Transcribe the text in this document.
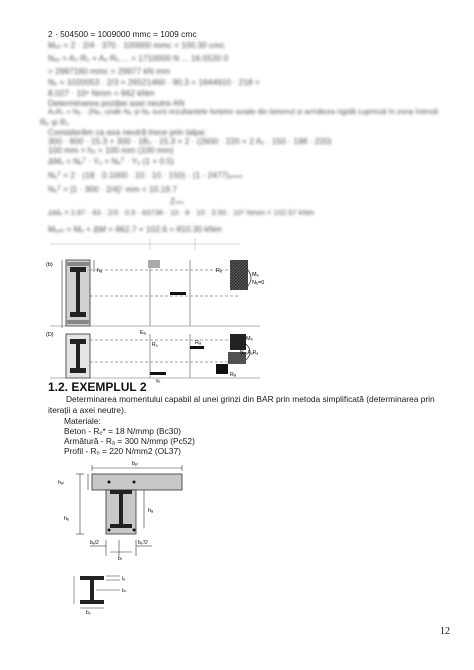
2 · 504500 = 1009000 mmc = 1009 cmc
Mₓₕ = 2 · 2/4 · 370 · 100000 mmc = 100.30 cmc
Nₑₓ = Aₛ·Rₛ + Aₑ·Rₑ ... = 1710000 N ... 16.5520 0
= 2997160 mmc = 29977 kN mm
Nₑ = 1020053 · 2/3 = 26521460 · 90.3 = 1644910 · 218 =
8.027 · 10⁶ Nmm = 662 kNm
Determinarea poziției axei neutre AN
AₛRₛ + Nₑ · 2Nₑ, unde Nₑ și Nₑ sunt rezultantele forțelor axiale din betonul și armătura rigidă cuprinsă în zona întinsă
Rₑ și Rₛ
Considerăm ca axa neutră trece prin talpa:
300 · 900 · 15.3 + 300 · 1Bₛ · 15.3 + 2 · (2600 · 220 + 2 Aₛ · 150 · 198 · 220)
100 mm > hₑ = 100 mm (100 mm)
ΔMₑ = Nₑᵀ · Yₑ = Nₑᵀ · Yₑ (1 + 0.5)
Nₑᵀ = 2 · (18 · 0.1000 · 10 · 10 · 150) · (1 - 2477)ₒₘₘ
Nₑᵀ = [1 · 300 · 2/4]⁷ mm = 10.19.7
Zₙₘ
ΔMₑ = 2.87 · 83 · 2/3 · 0.5 · 63736 · 10 · 8 · 10 · 3.50 · 10⁶ Nmm = 102.57 kNm
Mₑₓₕ = Mₑ + ΔM = 862.7 + 102.6 = 810.30 kNm
hₐ
(b)
Rₑ
Mₑ
Nₑ=0
(D)	Eₐ
Rₐ	Rₐ
Mₑ
Nₑ₂AₐRₐ
Rₐ
yₑ
1.2. EXEMPLUL 2
Determinarea momentului capabil al unei grinzi din BAR prin metoda simplificată (determinarea prin iterații a axei neutre).
Materiale:
Beton - Rₑ* = 18 N/mmp (Bc30)
Armătură - Rₐ = 300 N/mmp (Pc52)
Profil - Rₑ = 220 N/mm2 (OL37)
bₚₗ
hₚₗ
hₑ
hₐ
bₑ/2	bₑ'/2
bₜ
tₑ
tₘ
bₒ
12
